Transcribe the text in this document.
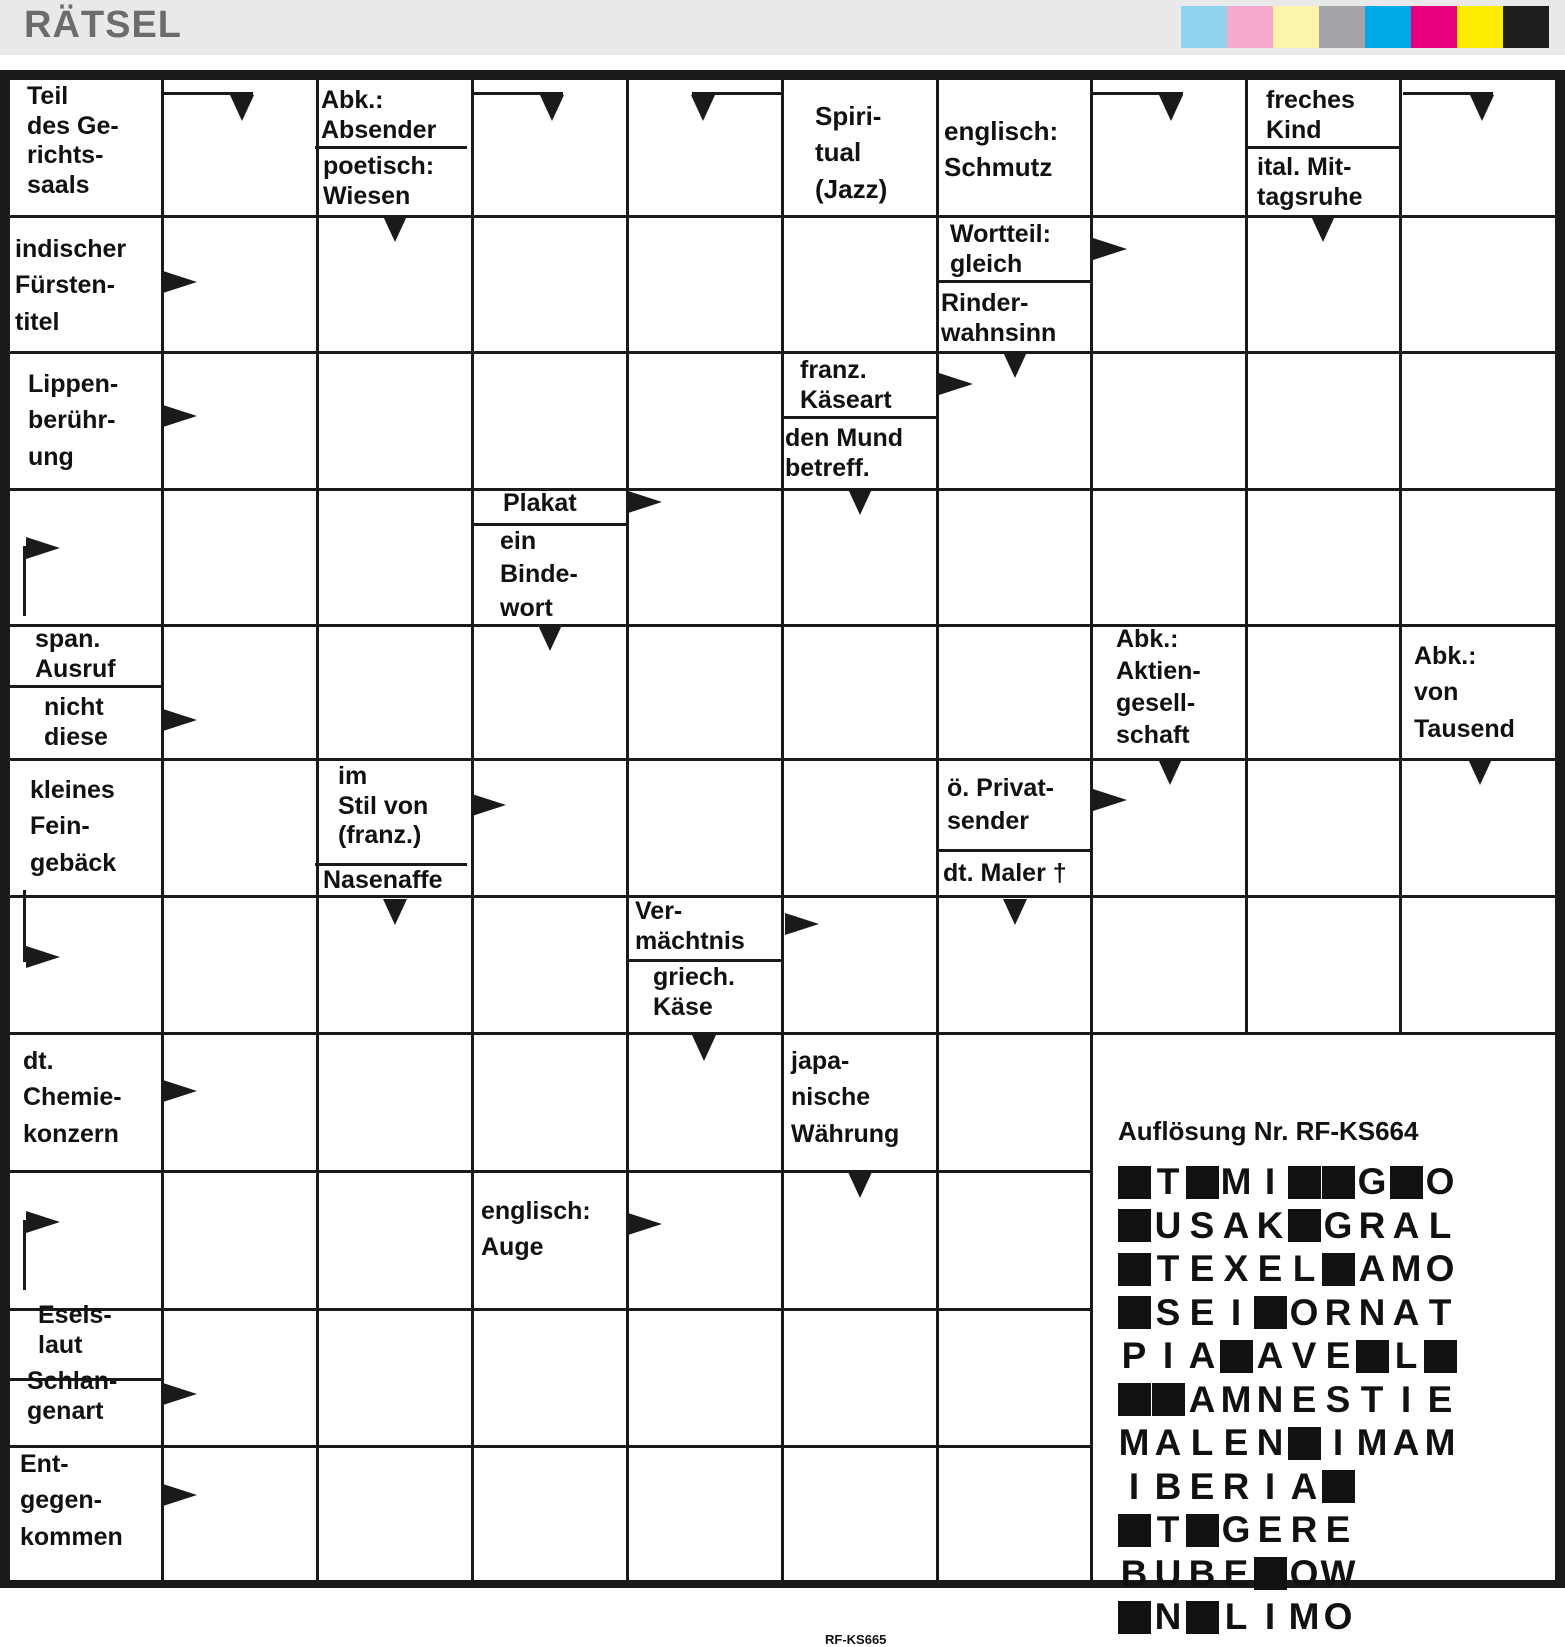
RÄTSEL
Teil
des Ge-
richts-
saals
Abk.:
Absender
poetisch:
Wiesen
Spiri-
tual
(Jazz)
englisch:
Schmutz
freches
Kind
ital. Mit-
tagsruhe
indischer
Fürsten-
titel
Wortteil:
gleich
Rinder-
wahnsinn
Lippen-
berühr-
ung
franz.
Käseart
den Mund
betreff.
Plakat
ein
Binde-
wort
span.
Ausruf
nicht
diese
Abk.:
Aktien-
gesell-
schaft
Abk.:
von
Tausend
kleines
Fein-
gebäck
im
Stil von
(franz.)
Nasenaffe
ö. Privat-
sender
dt. Maler †
Ver-
mächtnis
griech.
Käse
dt.
Chemie-
konzern
japa-
nische
Währung
englisch:
Auge
Esels-
laut
Schlan-
genart
Ent-
gegen-
kommen
Auflösung Nr. RF-KS664
T M I	G O
U S A K G R A L
T E X E L A M O
S E I	O R N A T
P I A A V E L
A M N E S T I E
M A L E N	I M A M
I B E R I A
T G E R E
B U B E O W
N L I M O
RF-KS665
